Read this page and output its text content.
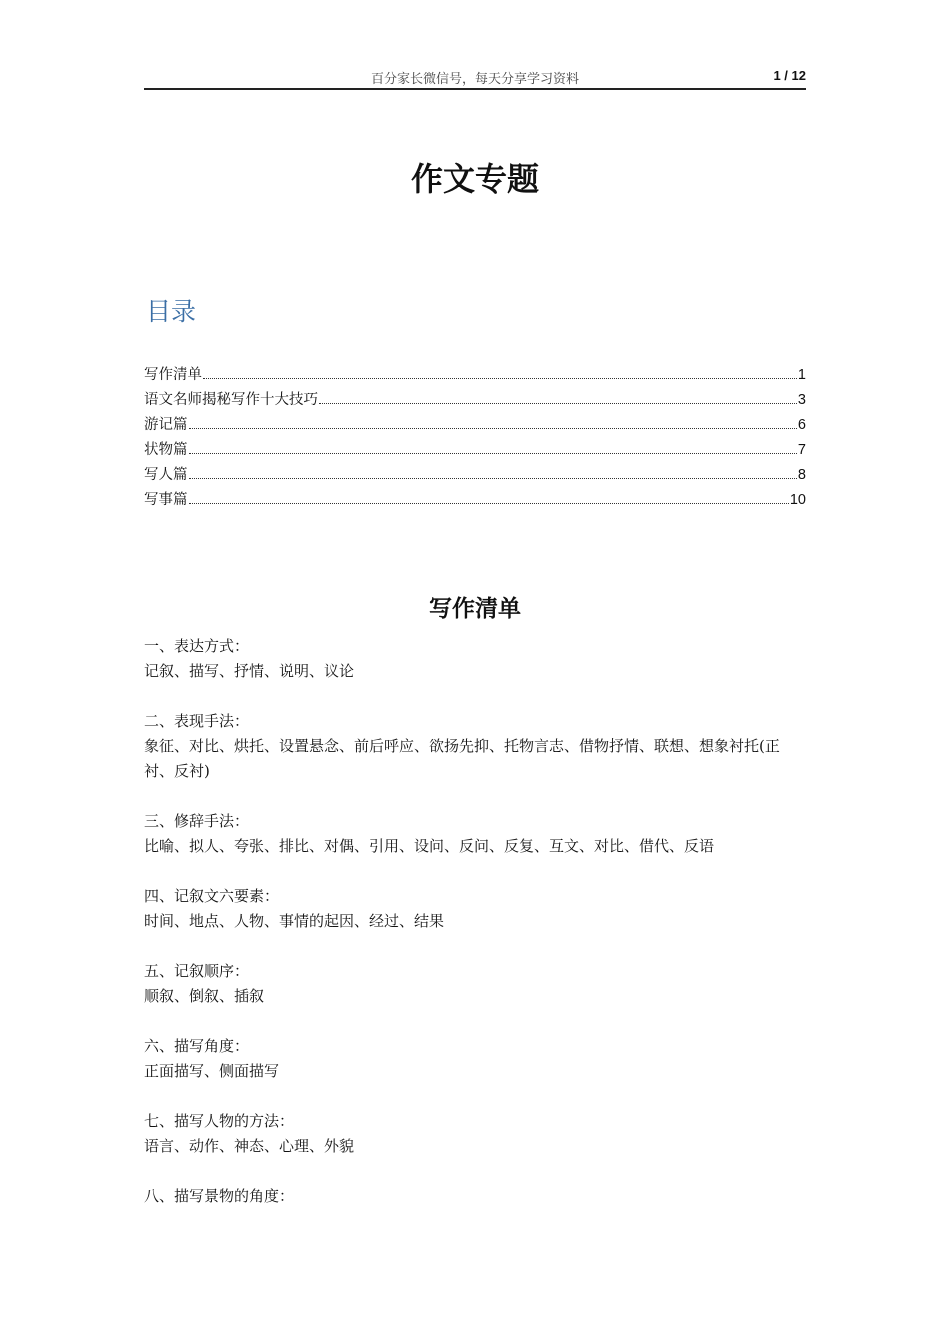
百分家长微信号，每天分享学习资料	1 / 12
作文专题
目录
写作清单	1
语文名师揭秘写作十大技巧	3
游记篇	6
状物篇	7
写人篇	8
写事篇	10
写作清单
一、表达方式：
记叙、描写、抒情、说明、议论
二、表现手法：
象征、对比、烘托、设置悬念、前后呼应、欲扬先抑、托物言志、借物抒情、联想、想象衬托(正衬、反衬)
三、修辞手法：
比喻、拟人、夸张、排比、对偶、引用、设问、反问、反复、互文、对比、借代、反语
四、记叙文六要素：
时间、地点、人物、事情的起因、经过、结果
五、记叙顺序：
顺叙、倒叙、插叙
六、描写角度：
正面描写、侧面描写
七、描写人物的方法：
语言、动作、神态、心理、外貌
八、描写景物的角度：
